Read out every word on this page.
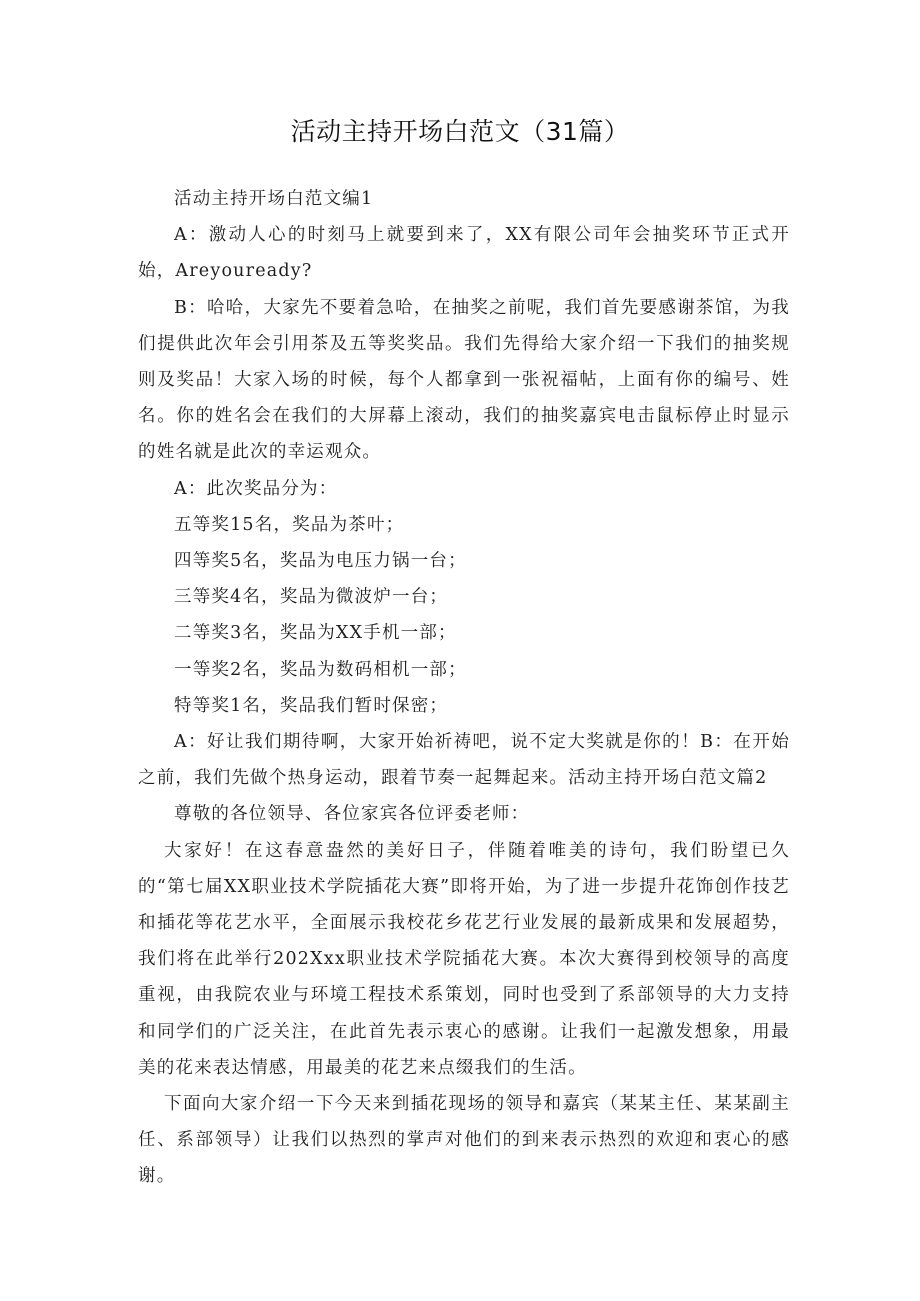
活动主持开场白范文（31篇）

活动主持开场白范文编1

A：激动人心的时刻马上就要到来了，XX有限公司年会抽奖环节正式开始，Areyouready?

B：哈哈，大家先不要着急哈，在抽奖之前呢，我们首先要感谢茶馆，为我们提供此次年会引用茶及五等奖奖品。我们先得给大家介绍一下我们的抽奖规则及奖品！大家入场的时候，每个人都拿到一张祝福帖，上面有你的编号、姓名。你的姓名会在我们的大屏幕上滚动，我们的抽奖嘉宾电击鼠标停止时显示的姓名就是此次的幸运观众。

A：此次奖品分为：

五等奖15名，奖品为茶叶；

四等奖5名，奖品为电压力锅一台；

三等奖4名，奖品为微波炉一台；

二等奖3名，奖品为XX手机一部；

一等奖2名，奖品为数码相机一部；

特等奖1名，奖品我们暂时保密；

A：好让我们期待啊，大家开始祈祷吧，说不定大奖就是你的！B：在开始之前，我们先做个热身运动，跟着节奏一起舞起来。活动主持开场白范文篇2

尊敬的各位领导、各位家宾各位评委老师：

大家好！在这春意盎然的美好日子，伴随着唯美的诗句，我们盼望已久的“第七届XX职业技术学院插花大赛”即将开始，为了进一步提升花饰创作技艺和插花等花艺水平，全面展示我校花乡花艺行业发展的最新成果和发展超势，我们将在此举行202Xxx职业技术学院插花大赛。本次大赛得到校领导的高度重视，由我院农业与环境工程技术系策划，同时也受到了系部领导的大力支持和同学们的广泛关注，在此首先表示衷心的感谢。让我们一起激发想象，用最美的花来表达情感，用最美的花艺来点缀我们的生活。

下面向大家介绍一下今天来到插花现场的领导和嘉宾（某某主任、某某副主任、系部领导）让我们以热烈的掌声对他们的到来表示热烈的欢迎和衷心的感谢。
